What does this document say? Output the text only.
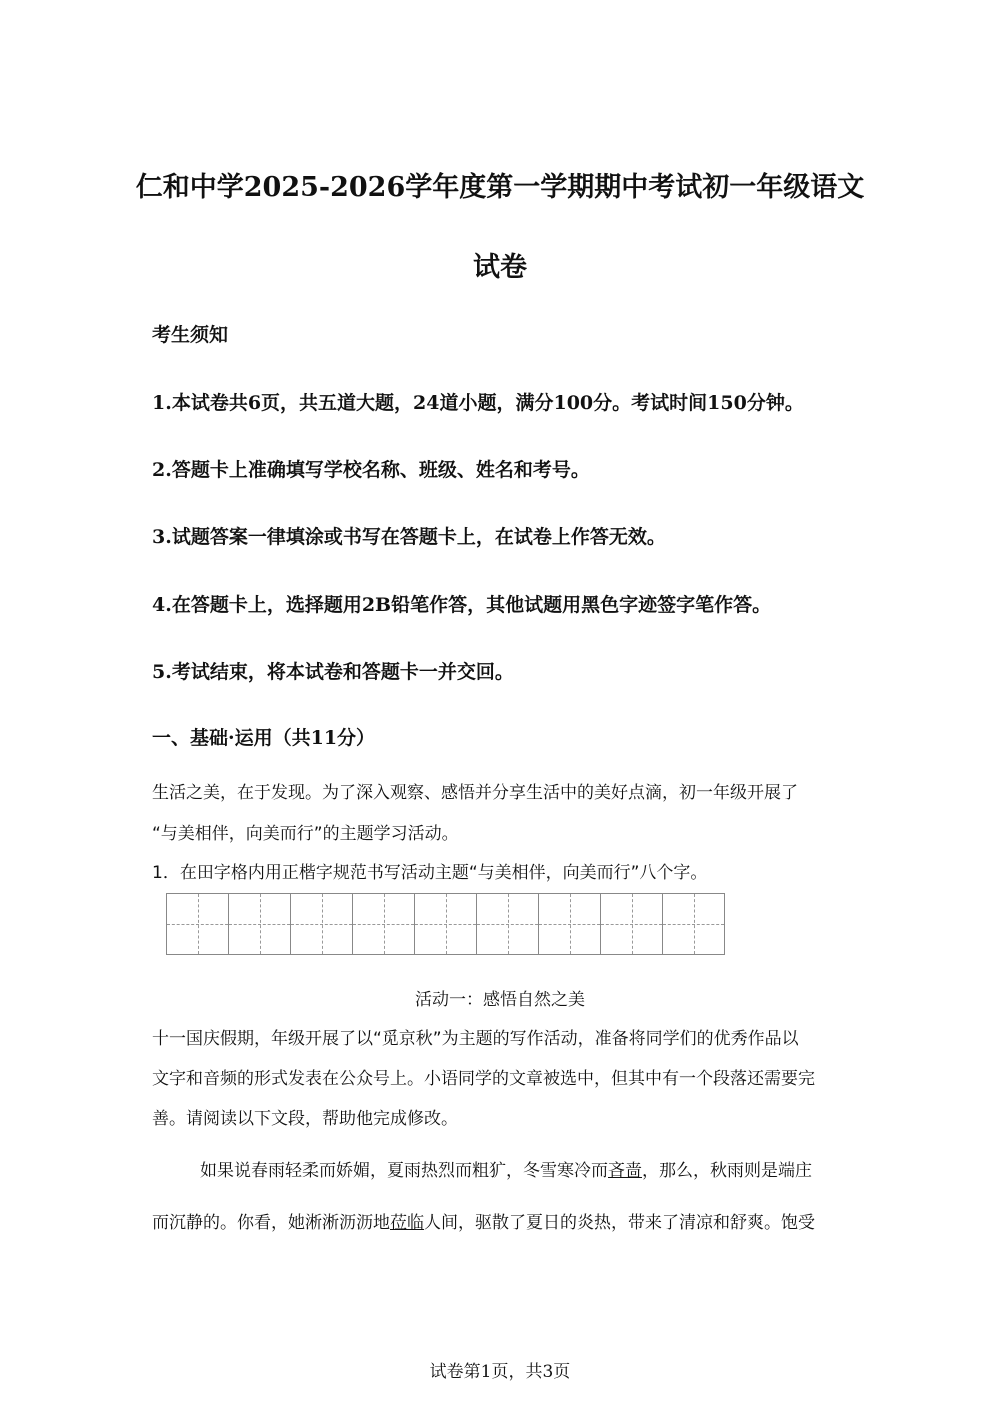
仁和中学2025-2026学年度第一学期期中考试初一年级语文
试卷
考生须知
1.本试卷共6页，共五道大题，24道小题，满分100分。考试时间150分钟。
2.答题卡上准确填写学校名称、班级、姓名和考号。
3.试题答案一律填涂或书写在答题卡上，在试卷上作答无效。
4.在答题卡上，选择题用2B铅笔作答，其他试题用黑色字迹签字笔作答。
5.考试结束，将本试卷和答题卡一并交回。
一、基础·运用（共11分）
生活之美，在于发现。为了深入观察、感悟并分享生活中的美好点滴，初一年级开展了
“与美相伴，向美而行”的主题学习活动。
1．在田字格内用正楷字规范书写活动主题“与美相伴，向美而行”八个字。
活动一：感悟自然之美
十一国庆假期，年级开展了以“觅京秋”为主题的写作活动，准备将同学们的优秀作品以
文字和音频的形式发表在公众号上。小语同学的文章被选中，但其中有一个段落还需要完
善。请阅读以下文段，帮助他完成修改。
如果说春雨轻柔而娇媚，夏雨热烈而粗犷，冬雪寒冷而吝啬，那么，秋雨则是端庄
而沉静的。你看，她淅淅沥沥地莅临人间，驱散了夏日的炎热，带来了清凉和舒爽。饱受
试卷第1页，共3页
